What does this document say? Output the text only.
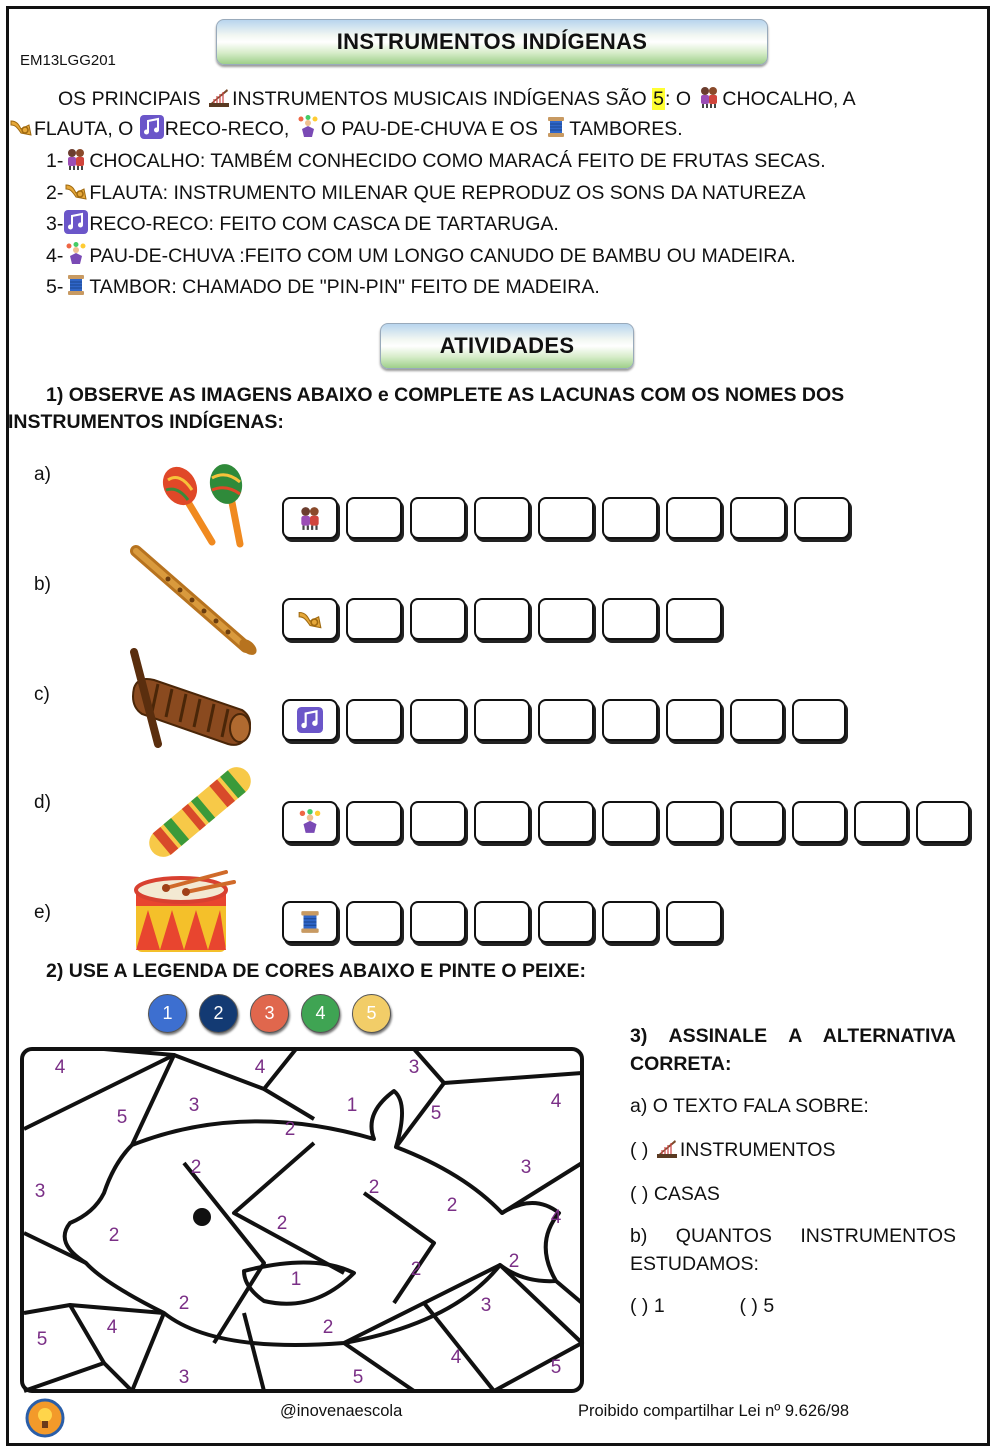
INSTRUMENTOS INDÍGENAS
EM13LGG201
OS PRINCIPAIS INSTRUMENTOS MUSICAIS INDÍGENAS SÃO 5: O CHOCALHO, A
FLAUTA, O RECO-RECO, O PAU-DE-CHUVA E OS TAMBORES.
1- CHOCALHO: TAMBÉM CONHECIDO COMO MARACÁ FEITO DE FRUTAS SECAS.
2- FLAUTA: INSTRUMENTO MILENAR QUE REPRODUZ OS SONS DA NATUREZA
3- RECO-RECO: FEITO COM CASCA DE TARTARUGA.
4- PAU-DE-CHUVA :FEITO COM UM LONGO CANUDO DE BAMBU OU MADEIRA.
5- TAMBOR: CHAMADO DE "PIN-PIN" FEITO DE MADEIRA.
ATIVIDADES
1) OBSERVE AS IMAGENS ABAIXO e COMPLETE AS LACUNAS COM OS NOMES DOS
INSTRUMENTOS INDÍGENAS:
a)
b)
c)
d)
e)
2) USE A LEGENDA DE CORES ABAIXO E PINTE O PEIXE:
1 2 3 4 5
4	4	3
5
3	1	5
4
2
2	3
3	2
2
2
2	4
2
1	2
5
4
2	3
2
4	5
3	5
3) ASSINALE A ALTERNATIVA CORRETA:
a) O TEXTO FALA SOBRE:
( ) INSTRUMENTOS
( ) CASAS
b) QUANTOS INSTRUMENTOS ESTUDAMOS:
( ) 1	( ) 5
@inovenaescola	Proibido compartilhar Lei nº 9.626/98
